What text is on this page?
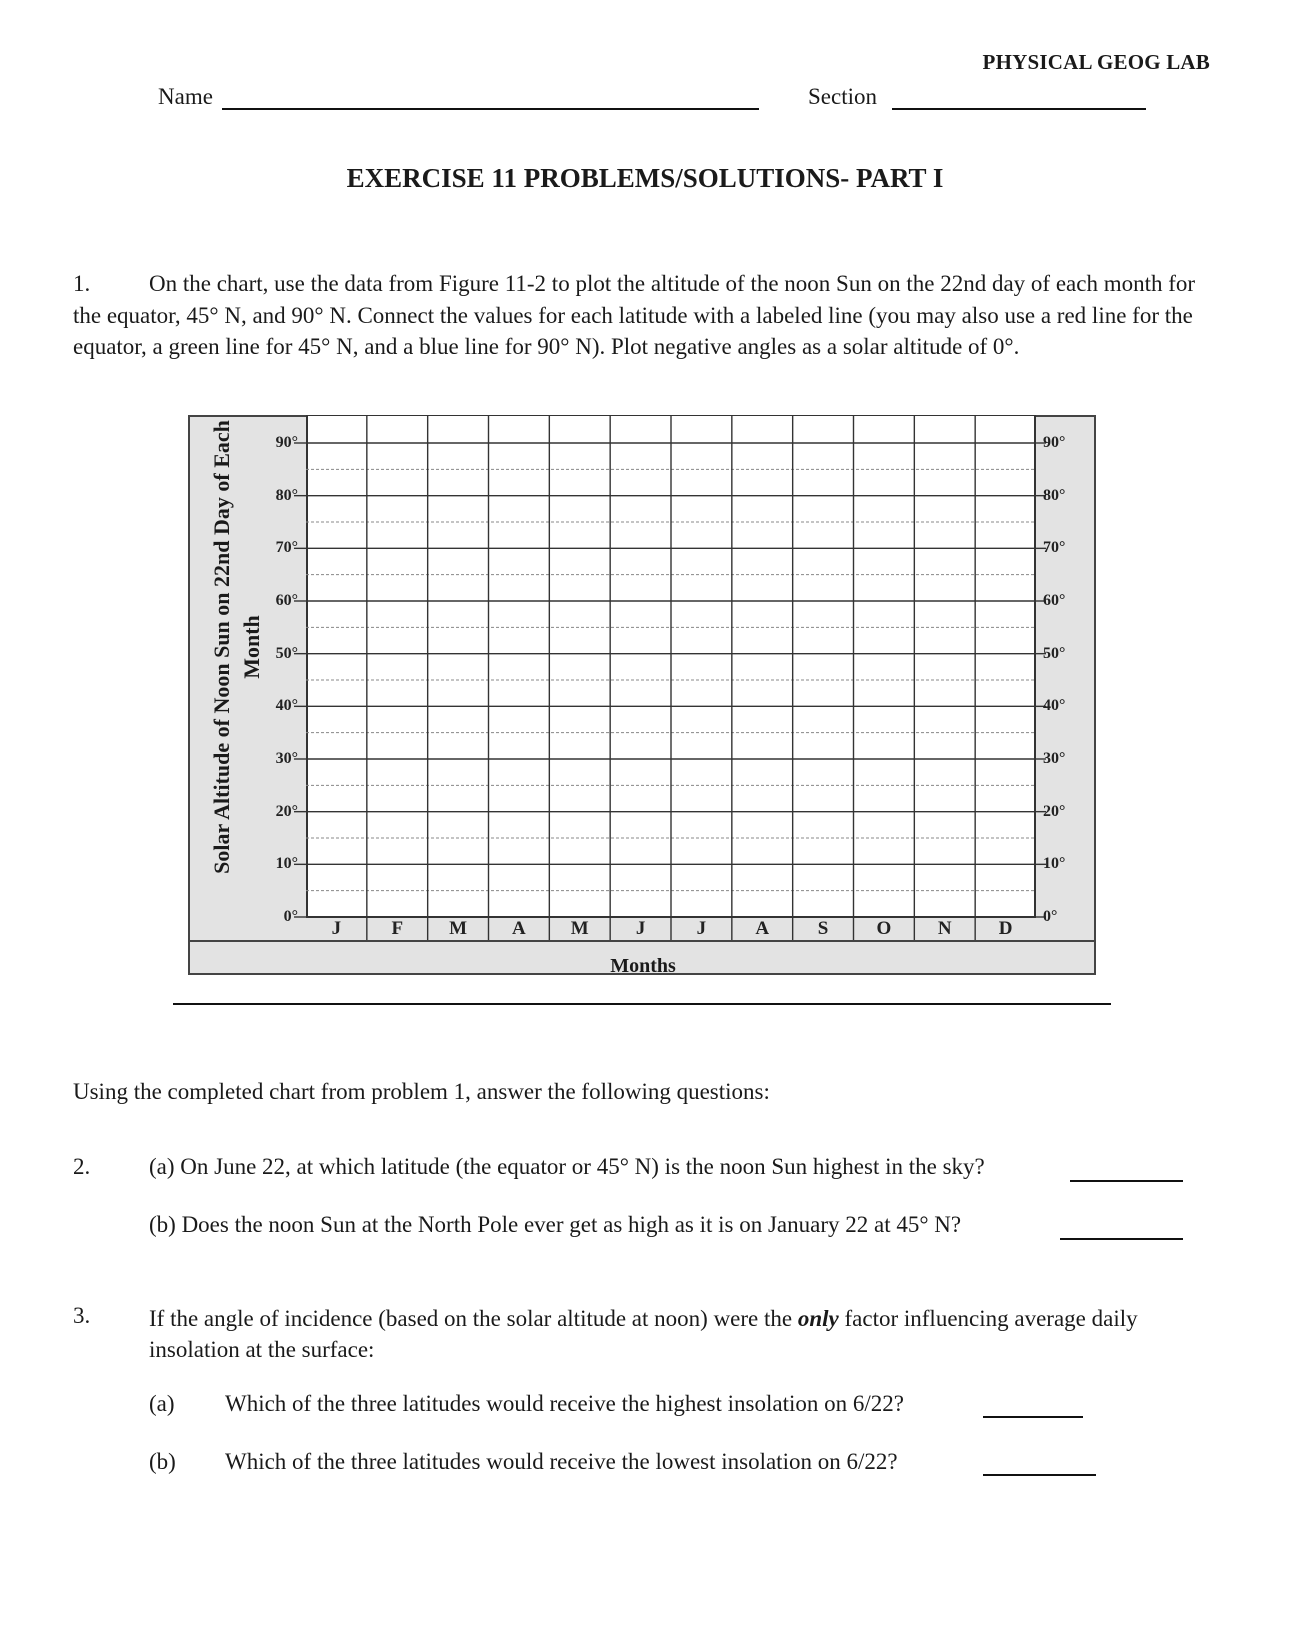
PHYSICAL GEOG LAB
Name	Section
EXERCISE 11 PROBLEMS/SOLUTIONS- PART I
1.	On the chart, use the data from Figure 11-2 to plot the altitude of the noon Sun on the 22nd day of each month for the equator, 45° N, and 90° N. Connect the values for each latitude with a labeled line (you may also use a red line for the equator, a green line for 45° N, and a blue line for 90° N). Plot negative angles as a solar altitude of 0°.
Solar Altitude of Noon Sun on 22nd Day of Each Month
Months
90°	90°
80°	80°
70°	70°
60°	60°
50°	50°
40°	40°
30°	30°
20°	20°
10°	10°
0°	0°
J	F	M	A	M	J	J	A	S	O	N	D
Using the completed chart from problem 1, answer the following questions:
2.	(a) On June 22, at which latitude (the equator or 45° N) is the noon Sun highest in the sky?
(b) Does the noon Sun at the North Pole ever get as high as it is on January 22 at 45° N?
3.	If the angle of incidence (based on the solar altitude at noon) were the only factor influencing average daily insolation at the surface:
(a) Which of the three latitudes would receive the highest insolation on 6/22?
(b) Which of the three latitudes would receive the lowest insolation on 6/22?
